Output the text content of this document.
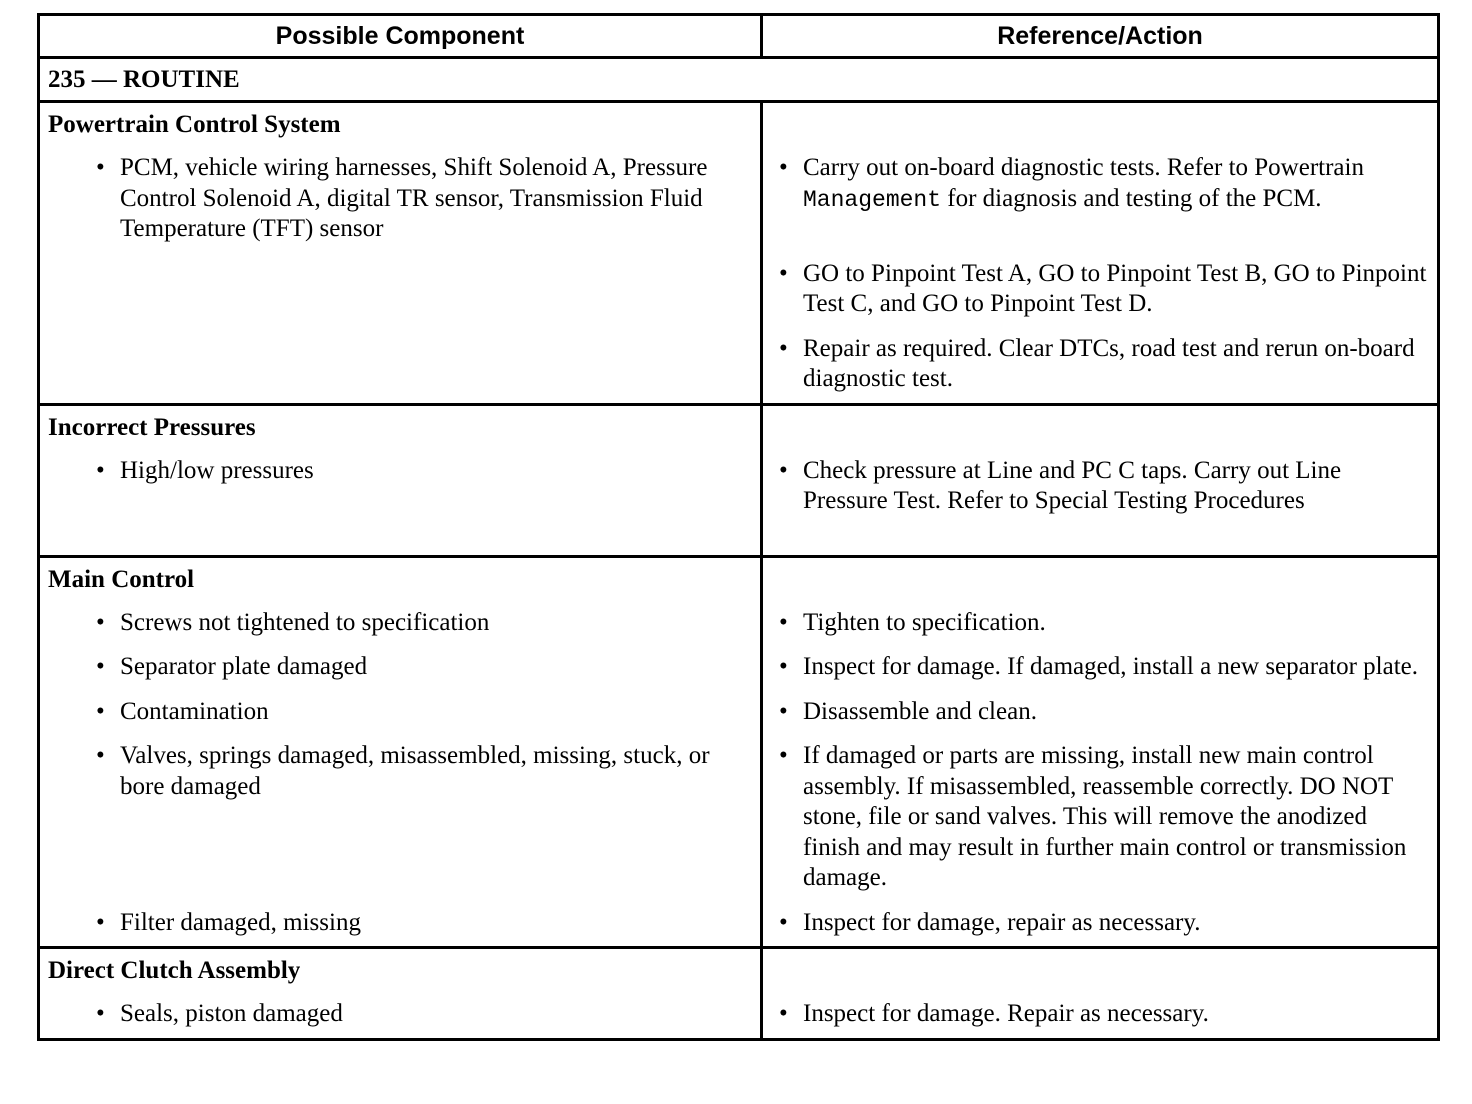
Possible Component	Reference/Action
235 — ROUTINE	
Powertrain Control System	

• PCM, vehicle wiring harnesses, Shift Solenoid A, Pressure Control Solenoid A, digital TR sensor, Transmission Fluid Temperature (TFT) sensor	• Carry out on-board diagnostic tests. Refer to Powertrain Management for diagnosis and testing of the PCM.

	• GO to Pinpoint Test A, GO to Pinpoint Test B, GO to Pinpoint Test C, and GO to Pinpoint Test D.

	• Repair as required. Clear DTCs, road test and rerun on-board diagnostic test.

Incorrect Pressures	

• High/low pressures	• Check pressure at Line and PC C taps. Carry out Line Pressure Test. Refer to Special Testing Procedures

Main Control	

• Screws not tightened to specification	• Tighten to specification.

• Separator plate damaged	• Inspect for damage. If damaged, install a new separator plate.

• Contamination	• Disassemble and clean.

• Valves, springs damaged, misassembled, missing, stuck, or bore damaged	• If damaged or parts are missing, install new main control assembly. If misassembled, reassemble correctly. DO NOT stone, file or sand valves. This will remove the anodized finish and may result in further main control or transmission damage.

• Filter damaged, missing	• Inspect for damage, repair as necessary.

Direct Clutch Assembly	

• Seals, piston damaged	• Inspect for damage. Repair as necessary.
